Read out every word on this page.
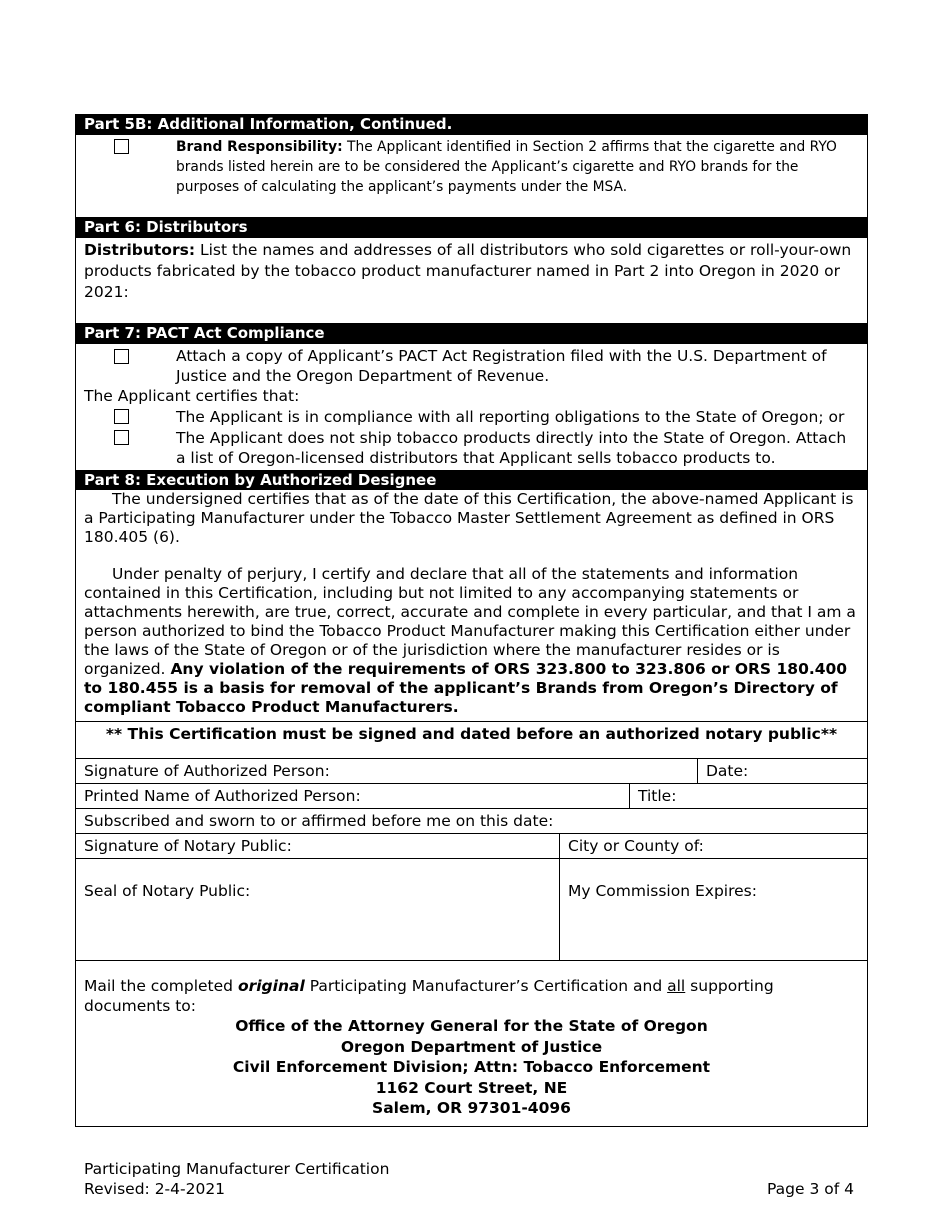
Part 5B: Additional Information, Continued.
Brand Responsibility: The Applicant identified in Section 2 affirms that the cigarette and RYO brands listed herein are to be considered the Applicant’s cigarette and RYO brands for the purposes of calculating the applicant’s payments under the MSA.
Part 6: Distributors
Distributors: List the names and addresses of all distributors who sold cigarettes or roll-your-own products fabricated by the tobacco product manufacturer named in Part 2 into Oregon in 2020 or 2021:
Part 7: PACT Act Compliance
Attach a copy of Applicant’s PACT Act Registration filed with the U.S. Department of Justice and the Oregon Department of Revenue.
The Applicant certifies that:
The Applicant is in compliance with all reporting obligations to the State of Oregon; or
The Applicant does not ship tobacco products directly into the State of Oregon. Attach a list of Oregon-licensed distributors that Applicant sells tobacco products to.
Part 8: Execution by Authorized Designee
The undersigned certifies that as of the date of this Certification, the above-named Applicant is a Participating Manufacturer under the Tobacco Master Settlement Agreement as defined in ORS 180.405 (6).
Under penalty of perjury, I certify and declare that all of the statements and information contained in this Certification, including but not limited to any accompanying statements or attachments herewith, are true, correct, accurate and complete in every particular, and that I am a person authorized to bind the Tobacco Product Manufacturer making this Certification either under the laws of the State of Oregon or of the jurisdiction where the manufacturer resides or is organized. Any violation of the requirements of ORS 323.800 to 323.806 or ORS 180.400 to 180.455 is a basis for removal of the applicant’s Brands from Oregon’s Directory of compliant Tobacco Product Manufacturers.
** This Certification must be signed and dated before an authorized notary public**
Signature of Authorized Person:	Date:
Printed Name of Authorized Person:	Title:
Subscribed and sworn to or affirmed before me on this date:
Signature of Notary Public:	City or County of:
Seal of Notary Public:	My Commission Expires:
Mail the completed original Participating Manufacturer’s Certification and all supporting documents to:
Office of the Attorney General for the State of Oregon
Oregon Department of Justice
Civil Enforcement Division; Attn: Tobacco Enforcement
1162 Court Street, NE
Salem, OR 97301-4096
Participating Manufacturer Certification
Revised: 2-4-2021	Page 3 of 4
